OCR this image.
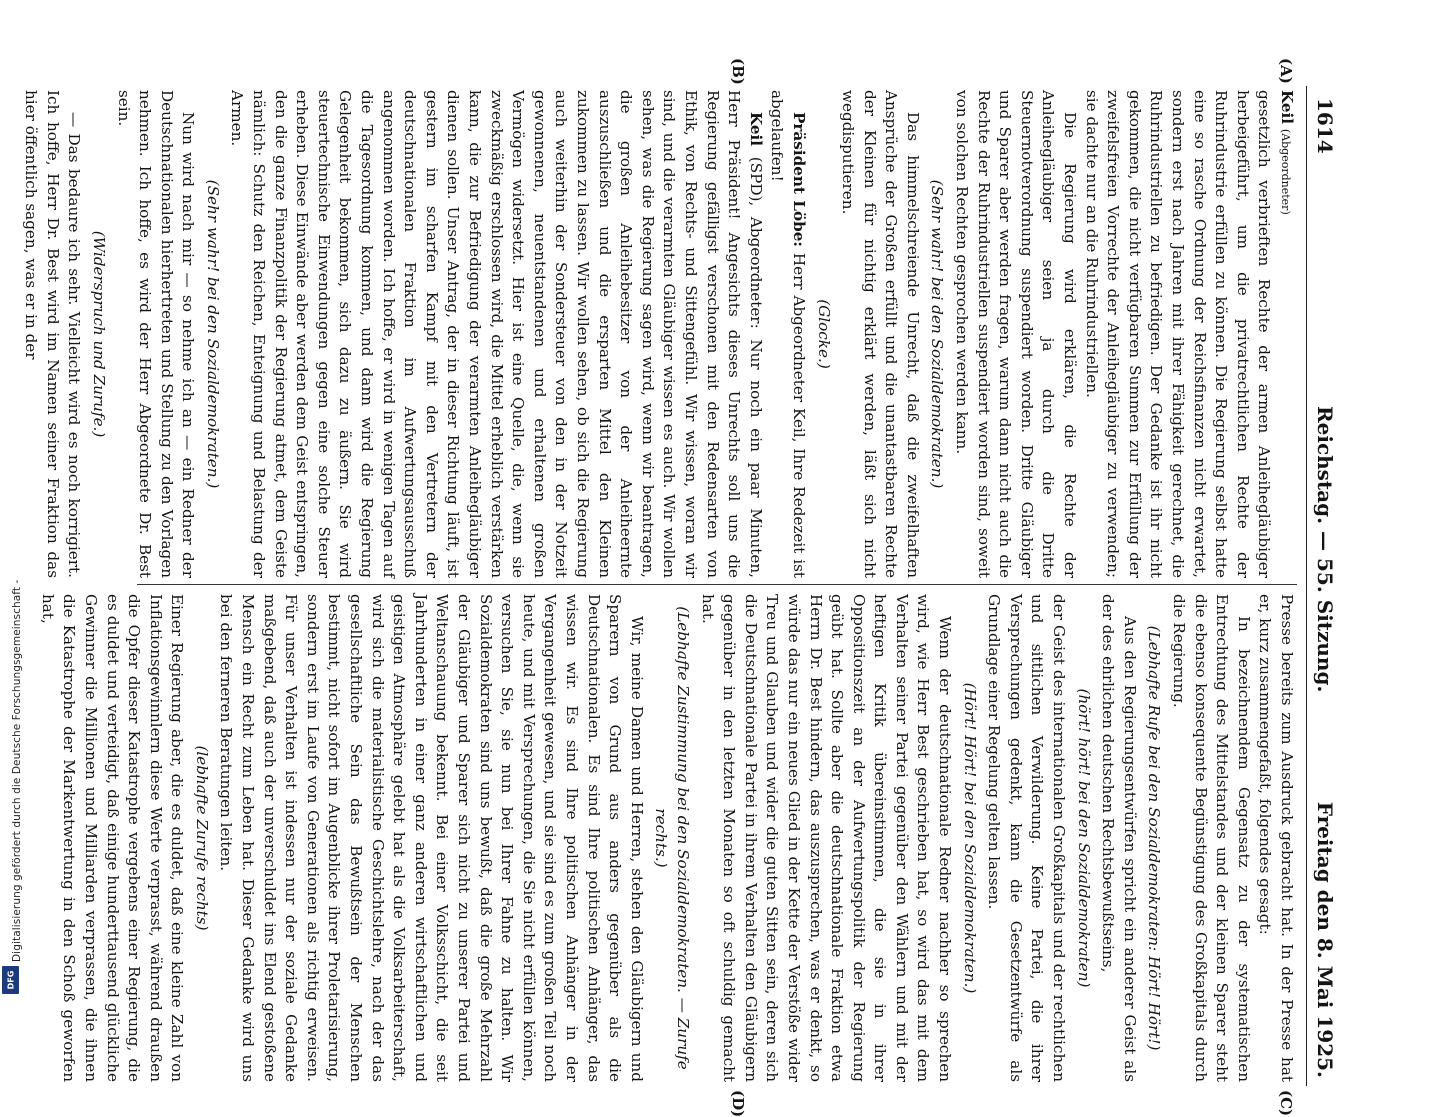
Digitalisierung gefördert durch die Deutsche Forschungsgemeinschaft -
DFG
1614
Reichstag. — 55. Sitzung.
Freitag den 8. Mai 1925.
(A)
(B)
(C)
(D)

Keil (Abgeordneter)

gesetzlich verbrieften Rechte der armen Anleihegläubiger herbeigeführt, um die privatrechtlichen Rechte der Ruhrindustrie erfüllen zu können. Die Regierung selbst hatte eine so rasche Ordnung der Reichsfinanzen nicht erwartet, sondern erst nach Jahren mit ihrer Fähigkeit gerechnet, die Ruhrindustriellen zu befriedigen. Der Gedanke ist ihr nicht gekommen, die nicht verfügbaren Summen zur Erfüllung der zweifelsfreien Vorrechte der Anleihegläubiger zu verwenden; sie dachte nur an die Ruhrindustriellen.

Die Regierung wird erklären, die Rechte der Anleihegläubiger seien ja durch die Dritte Steuernotverordnung suspendiert worden. Dritte Gläubiger und Sparer aber werden fragen, warum dann nicht auch die Rechte der Ruhrindustriellen suspendiert worden sind, soweit von solchen Rechten gesprochen werden kann.

(Sehr wahr! bei den Sozialdemokraten.)

Das himmelschreiende Unrecht, daß die zweifelhaften Ansprüche der Großen erfüllt und die unantastbaren Rechte der Kleinen für nichtig erklärt werden, läßt sich nicht wegdisputieren.

(Glocke.)

Präsident Löbe: Herr Abgeordneter Keil, Ihre Redezeit ist abgelaufen!

Keil (SPD), Abgeordneter: Nur noch ein paar Minuten, Herr Präsident! Angesichts dieses Unrechts soll uns die Regierung gefälligst verschonen mit den Redensarten von Ethik, von Rechts- und Sittengefühl. Wir wissen, woran wir sind, und die verarmten Gläubiger wissen es auch. Wir wollen sehen, was die Regierung sagen wird, wenn wir beantragen, die großen Anleihebesitzer von der Anleiheernte auszuschließen und die ersparten Mittel den Kleinen zukommen zu lassen. Wir wollen sehen, ob sich die Regierung auch weiterhin der Sondersteuer von den in der Notzeit gewonnenen, neuentstandenen und erhaltenen großen Vermögen widersetzt. Hier ist eine Quelle, die, wenn sie zweckmäßig erschlossen wird, die Mittel erheblich verstärken kann, die zur Befriedigung der verarmten Anleihegläubiger dienen sollen. Unser Antrag, der in dieser Richtung läuft, ist gestern im scharfen Kampf mit den Vertretern der deutschnationalen Fraktion im Aufwertungsausschuß angenommen worden. Ich hoffe, er wird in wenigen Tagen auf die Tagesordnung kommen, und dann wird die Regierung Gelegenheit bekommen, sich dazu zu äußern. Sie wird steuertechnische Einwendungen gegen eine solche Steuer erheben. Diese Einwände aber werden dem Geist entspringen, den die ganze Finanzpolitik der Regierung atmet, dem Geiste nämlich: Schutz den Reichen, Enteignung und Belastung der Armen.

(Sehr wahr! bei den Sozialdemokraten.)

Nun wird nach mir — so nehme ich an — ein Redner der Deutschnationalen hierhertreten und Stellung zu den Vorlagen nehmen. Ich hoffe, es wird der Herr Abgeordnete Dr. Best sein.

(Widerspruch und Zurufe.)

— Das bedaure ich sehr. Vielleicht wird es noch korrigiert. Ich hoffe, Herr Dr. Best wird im Namen seiner Fraktion das hier öffentlich sagen, was er in der

Presse bereits zum Ausdruck gebracht hat. In der Presse hat er, kurz zusammengefaßt, folgendes gesagt:

In bezeichnendem Gegensatz zu der systematischen Entrechtung des Mittelstandes und der kleinen Sparer steht die ebenso konsequente Begünstigung des Großkapitals durch die Regierung.

(Lebhafte Rufe bei den Sozialdemokraten: Hört! Hört!)

Aus den Regierungsentwürfen spricht ein anderer Geist als der des ehrlichen deutschen Rechtsbewußtseins,

(hört! hört! bei den Sozialdemokraten)

der Geist des internationalen Großkapitals und der rechtlichen und sittlichen Verwilderung. Keine Partei, die ihrer Versprechungen gedenkt, kann die Gesetzentwürfe als Grundlage einer Regelung gelten lassen.

(Hört! Hört! bei den Sozialdemokraten.)

Wenn der deutschnationale Redner nachher so sprechen wird, wie Herr Best geschrieben hat, so wird das mit dem Verhalten seiner Partei gegenüber den Wählern und mit der heftigen Kritik übereinstimmen, die sie in ihrer Oppositionszeit an der Aufwertungspolitik der Regierung geübt hat. Sollte aber die deutschnationale Fraktion etwa Herrn Dr. Best hindern, das auszusprechen, was er denkt, so würde das nur ein neues Glied in der Kette der Verstöße wider Treu und Glauben und wider die guten Sitten sein, deren sich die Deutschnationale Partei in ihrem Verhalten den Gläubigern gegenüber in den letzten Monaten so oft schuldig gemacht hat.

(Lebhafte Zustimmung bei den Sozialdemokraten. — Zurufe rechts.)

Wir, meine Damen und Herren, stehen den Gläubigern und Sparern von Grund aus anders gegenüber als die Deutschnationalen. Es sind Ihre politischen Anhänger, das wissen wir. Es sind Ihre politischen Anhänger in der Vergangenheit gewesen, und sie sind es zum großen Teil noch heute, und mit Versprechungen, die Sie nicht erfüllen können, versuchen Sie, sie nun bei Ihrer Fahne zu halten. Wir Sozialdemokraten sind uns bewußt, daß die große Mehrzahl der Gläubiger und Sparer sich nicht zu unserer Partei und Weltanschauung bekennt. Bei einer Volksschicht, die seit Jahrhunderten in einer ganz anderen wirtschaftlichen und geistigen Atmosphäre gelebt hat als die Volksarbeiterschaft, wird sich die materialistische Geschichtslehre, nach der das gesellschaftliche Sein das Bewußtsein der Menschen bestimmt, nicht sofort im Augenblicke ihrer Proletarisierung, sondern erst im Laufe von Generationen als richtig erweisen. Für unser Verhalten ist indessen nur der soziale Gedanke maßgebend, daß auch der unverschuldet ins Elend gestoßene Mensch ein Recht zum Leben hat. Dieser Gedanke wird uns bei den ferneren Beratungen leiten.

(lebhafte Zurufe rechts)

Einer Regierung aber, die es duldet, daß eine kleine Zahl von Inflationsgewinnlern diese Werte verprasst, während draußen die Opfer dieser Katastrophe vergebens einer Regierung, die es duldet und verteidigt, daß einige hunderttausend glückliche Gewinner die Millionen und Milliarden verprassen, die ihnen die Katastrophe der Markentwertung in den Schoß geworfen hat,
